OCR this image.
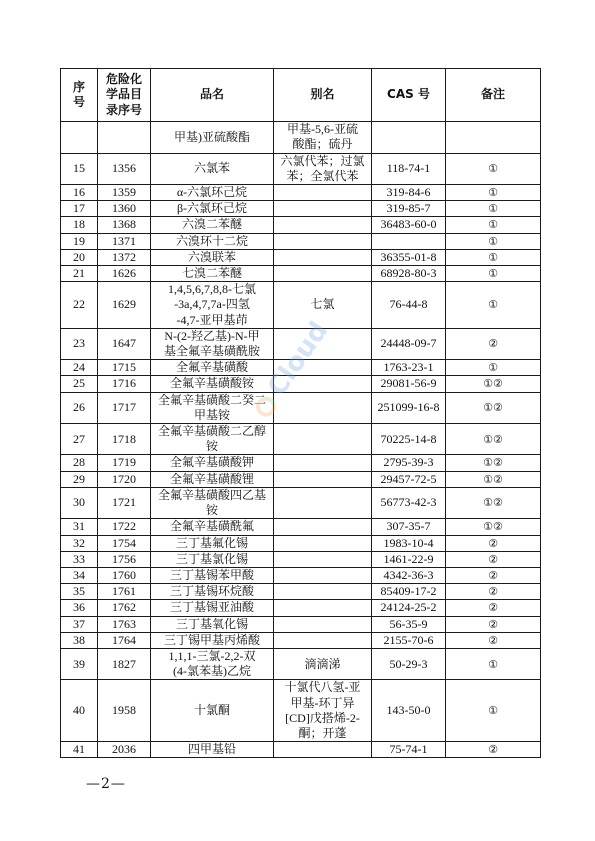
序
号	危险化
学品目
录序号	品名	别名	CAS 号	备注
		甲基)亚硫酸酯	甲基-5,6-亚硫
酸酯；硫丹		

15	1356	六氯苯	六氯代苯；过氯
苯；全氯代苯	118-74-1	①
16	1359	α-六氯环己烷		319-84-6	①
17	1360	β-六氯环己烷		319-85-7	①
18	1368	六溴二苯醚		36483-60-0	①
19	1371	六溴环十二烷			①
20	1372	六溴联苯		36355-01-8	①
21	1626	七溴二苯醚		68928-80-3	①
22	1629	1,4,5,6,7,8,8-七氯
-3a,4,7,7a-四氢
-4,7-亚甲基茚	七氯	76-44-8	①
23	1647	N-(2-羟乙基)-N-甲
基全氟辛基磺酰胺		24448-09-7	②
24	1715	全氟辛基磺酸		1763-23-1	①
25	1716	全氟辛基磺酸铵		29081-56-9	①②
26	1717	全氟辛基磺酸二癸二
甲基铵		251099-16-8	①②
27	1718	全氟辛基磺酸二乙醇
铵		70225-14-8	①②
28	1719	全氟辛基磺酸钾		2795-39-3	①②
29	1720	全氟辛基磺酸锂		29457-72-5	①②
30	1721	全氟辛基磺酸四乙基
铵		56773-42-3	①②
31	1722	全氟辛基磺酰氟		307-35-7	①②
32	1754	三丁基氟化锡		1983-10-4	②
33	1756	三丁基氯化锡		1461-22-9	②
34	1760	三丁基锡苯甲酸		4342-36-3	②
35	1761	三丁基锡环烷酸		85409-17-2	②
36	1762	三丁基锡亚油酸		24124-25-2	②
37	1763	三丁基氧化锡		56-35-9	②
38	1764	三丁锡甲基丙烯酸		2155-70-6	②
39	1827	1,1,1-三氯-2,2-双
(4-氯苯基)乙烷	滴滴涕	50-29-3	①
40	1958	十氯酮	十氯代八氢-亚
甲基-环丁异
[CD]戊搭烯-2-
酮；开蓬	143-50-0	①
41	2036	四甲基铅		75-74-1	②
Cloud
—2—
